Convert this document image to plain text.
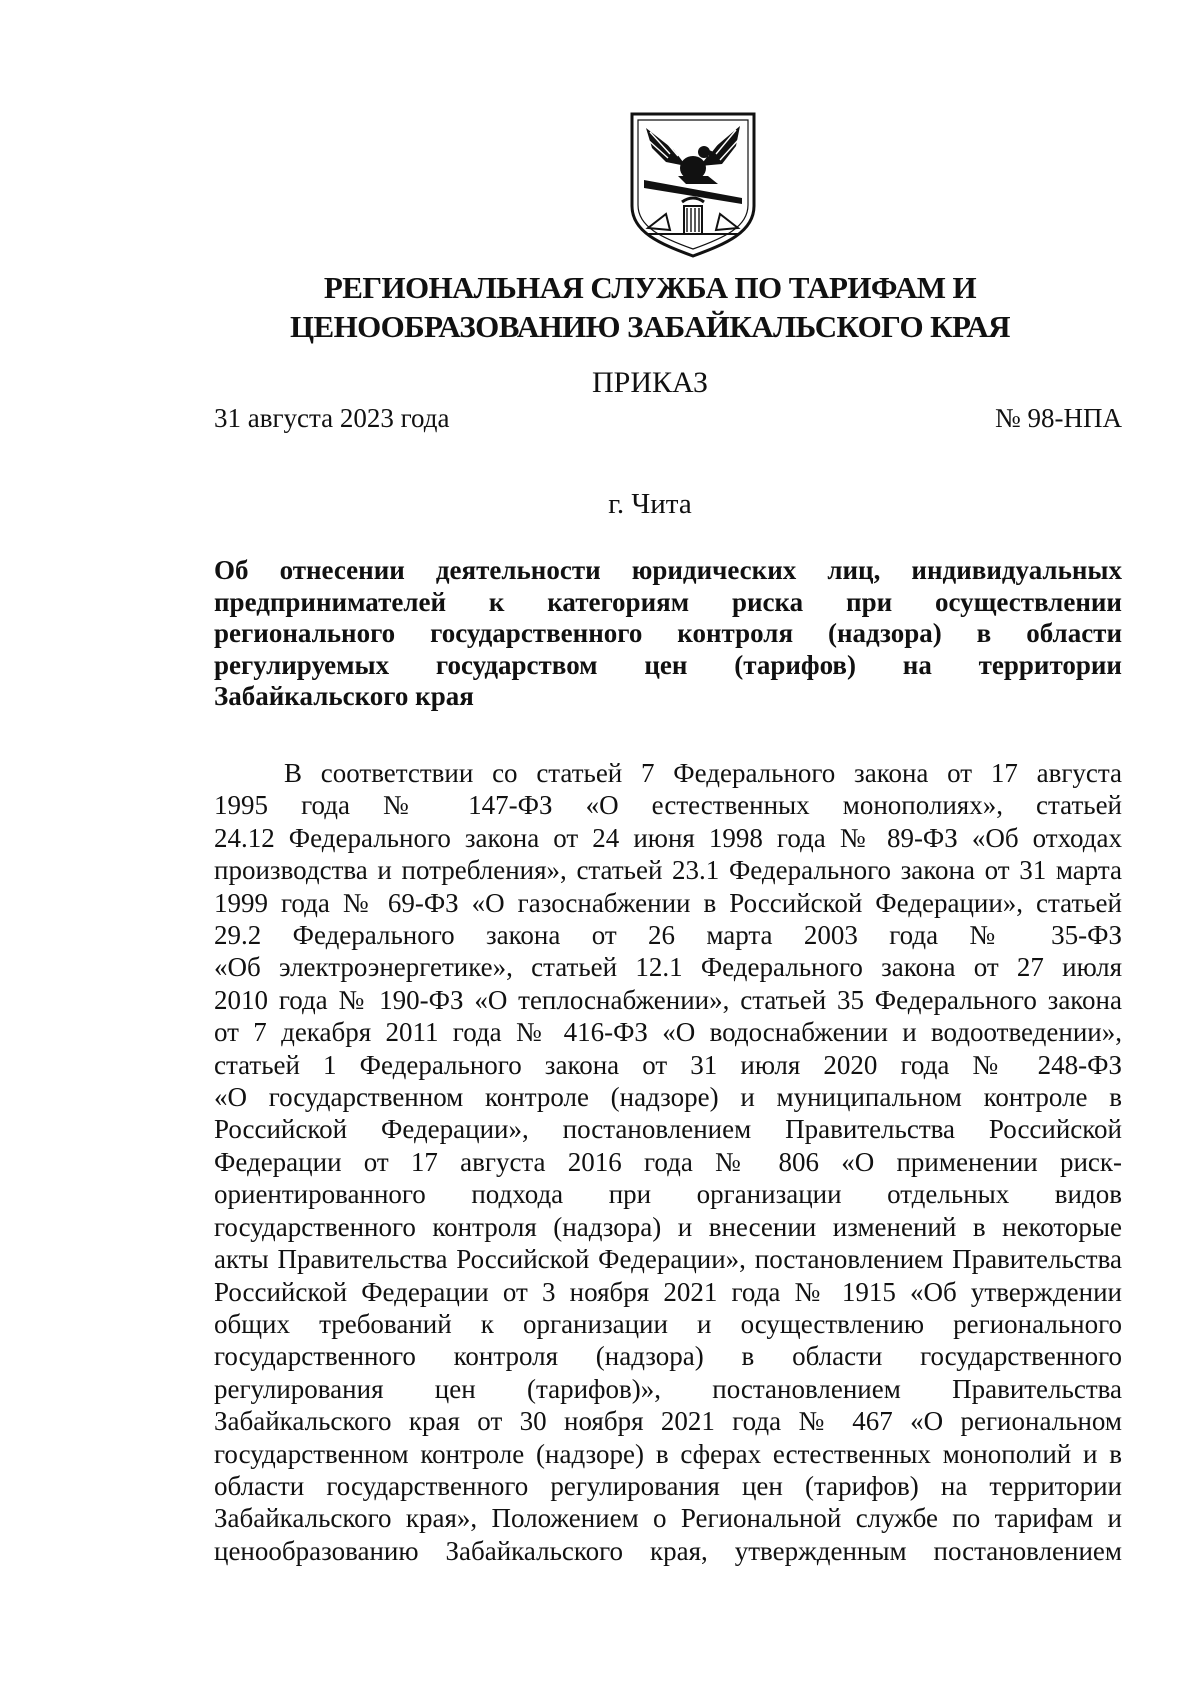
РЕГИОНАЛЬНАЯ СЛУЖБА ПО ТАРИФАМ И
ЦЕНООБРАЗОВАНИЮ ЗАБАЙКАЛЬСКОГО КРАЯ
ПРИКАЗ
31 августа 2023 года	№ 98-НПА
г. Чита
Об отнесении деятельности юридических лиц, индивидуальных
предпринимателей к категориям риска при осуществлении
регионального государственного контроля (надзора) в области
регулируемых государством цен (тарифов) на территории
Забайкальского края
В соответствии со статьей 7 Федерального закона от 17 августа
1995 года № 147-ФЗ «О естественных монополиях», статьей
24.12 Федерального закона от 24 июня 1998 года № 89-ФЗ «Об отходах
производства и потребления», статьей 23.1 Федерального закона от 31 марта
1999 года № 69-ФЗ «О газоснабжении в Российской Федерации», статьей
29.2 Федерального закона от 26 марта 2003 года № 35-ФЗ
«Об электроэнергетике», статьей 12.1 Федерального закона от 27 июля
2010 года № 190-ФЗ «О теплоснабжении», статьей 35 Федерального закона
от 7 декабря 2011 года № 416-ФЗ «О водоснабжении и водоотведении»,
статьей 1 Федерального закона от 31 июля 2020 года № 248-ФЗ
«О государственном контроле (надзоре) и муниципальном контроле в
Российской Федерации», постановлением Правительства Российской
Федерации от 17 августа 2016 года № 806 «О применении риск-
ориентированного подхода при организации отдельных видов
государственного контроля (надзора) и внесении изменений в некоторые
акты Правительства Российской Федерации», постановлением Правительства
Российской Федерации от 3 ноября 2021 года № 1915 «Об утверждении
общих требований к организации и осуществлению регионального
государственного контроля (надзора) в области государственного
регулирования цен (тарифов)», постановлением Правительства
Забайкальского края от 30 ноября 2021 года № 467 «О региональном
государственном контроле (надзоре) в сферах естественных монополий и в
области государственного регулирования цен (тарифов) на территории
Забайкальского края», Положением о Региональной службе по тарифам и
ценообразованию Забайкальского края, утвержденным постановлением
